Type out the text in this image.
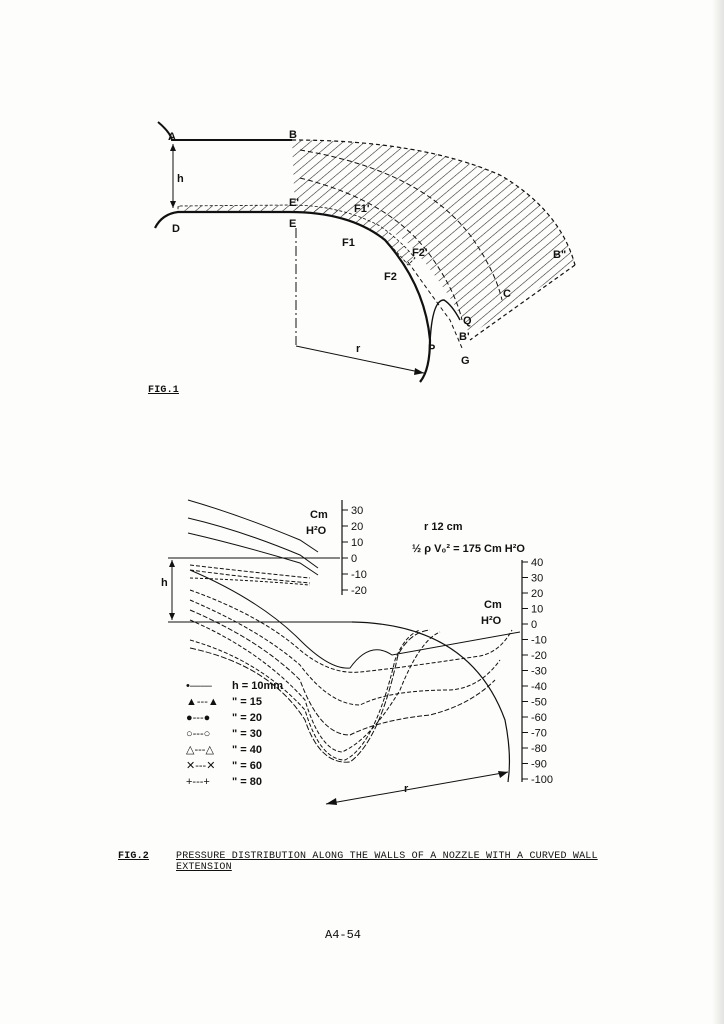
A	B
D
h
E'
E
F1'
F1
F2'
F2
B"
C
Q
B'
G
P
r
FIG.1
30
20
10
0
-10
-20
Cm
H²O
40
30
20
10
0
-10
-20
-30
-40
-50
-60
-70
-80
-90
-100
Cm
H²O
r 12 cm
½ ρ V₀² = 175 Cm H²O
h
r
•—— h = 10mm
▲---▲ " = 15
●---● " = 20
○---○ " = 30
△---△ " = 40
✕---✕ " = 60
+---+ " = 80
FIG.2	PRESSURE DISTRIBUTION ALONG THE WALLS OF A NOZZLE WITH A CURVED WALL
EXTENSION
A4-54
